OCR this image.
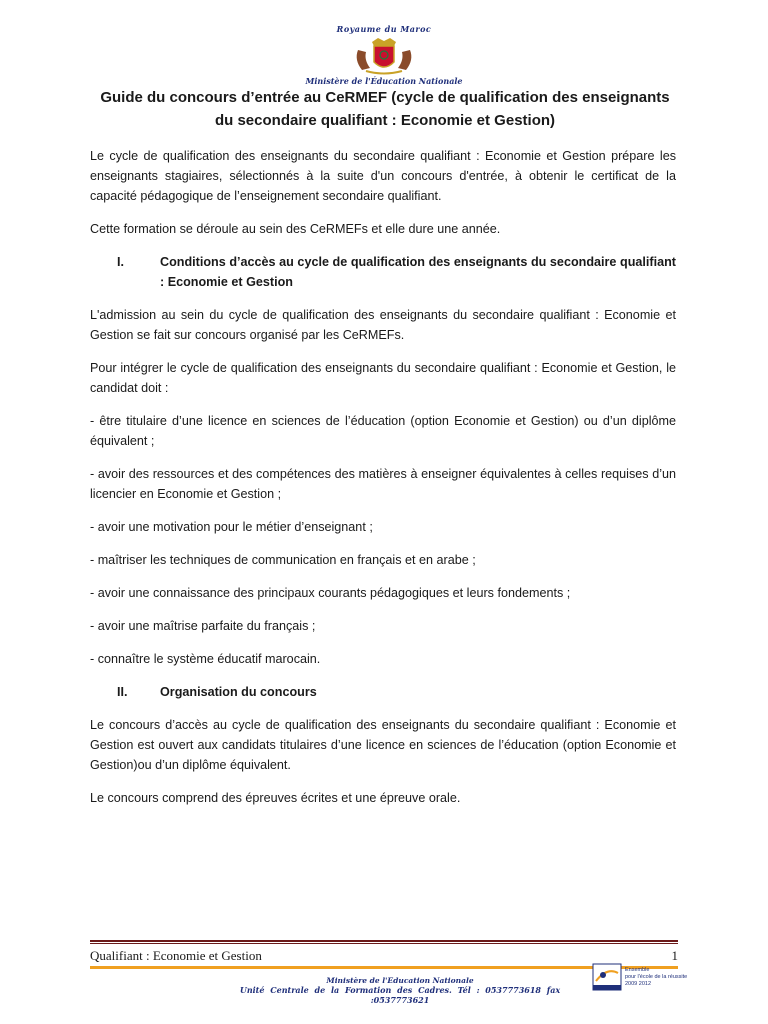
Royaume du Maroc
Ministère de l'Éducation Nationale
Guide du concours d’entrée au CeRMEF (cycle de qualification des enseignants du secondaire qualifiant : Economie et Gestion)

Le cycle de qualification des enseignants du secondaire qualifiant : Economie et Gestion prépare les enseignants stagiaires, sélectionnés à la suite d'un concours d'entrée, à obtenir le certificat de la capacité pédagogique de l’enseignement secondaire qualifiant.

Cette formation se déroule au sein des CeRMEFs et elle dure une année.

I.	Conditions d’accès au cycle de qualification des enseignants du secondaire qualifiant : Economie et Gestion

L'admission au sein du cycle de qualification des enseignants du secondaire qualifiant : Economie et Gestion se fait sur concours organisé par les CeRMEFs.

Pour intégrer le cycle de qualification des enseignants du secondaire qualifiant : Economie et Gestion, le candidat doit :

- être titulaire d’une licence en sciences de l’éducation (option Economie et Gestion) ou d’un diplôme équivalent ;

- avoir des ressources et des compétences des matières à enseigner équivalentes à celles requises d’un licencier en Economie et Gestion ;

- avoir une motivation pour le métier d’enseignant ;

- maîtriser les techniques de communication en français et en arabe ;

- avoir une connaissance des principaux courants pédagogiques et leurs fondements ;

- avoir une maîtrise parfaite du français ;

- connaître le système éducatif marocain.

II.	Organisation du concours

Le concours d’accès au cycle de qualification des enseignants du secondaire qualifiant : Economie et Gestion est ouvert aux candidats titulaires d’une licence en sciences de l’éducation (option Economie et Gestion)ou d’un diplôme équivalent.

Le concours comprend des épreuves écrites et une épreuve orale.

Qualifiant : Economie et Gestion	1
Ministère de l'Education Nationale
Unité Centrale de la Formation des Cadres. Tél : 0537773618 fax :0537773621
Ensemble
pour l'école de la réussite
2009 2012
